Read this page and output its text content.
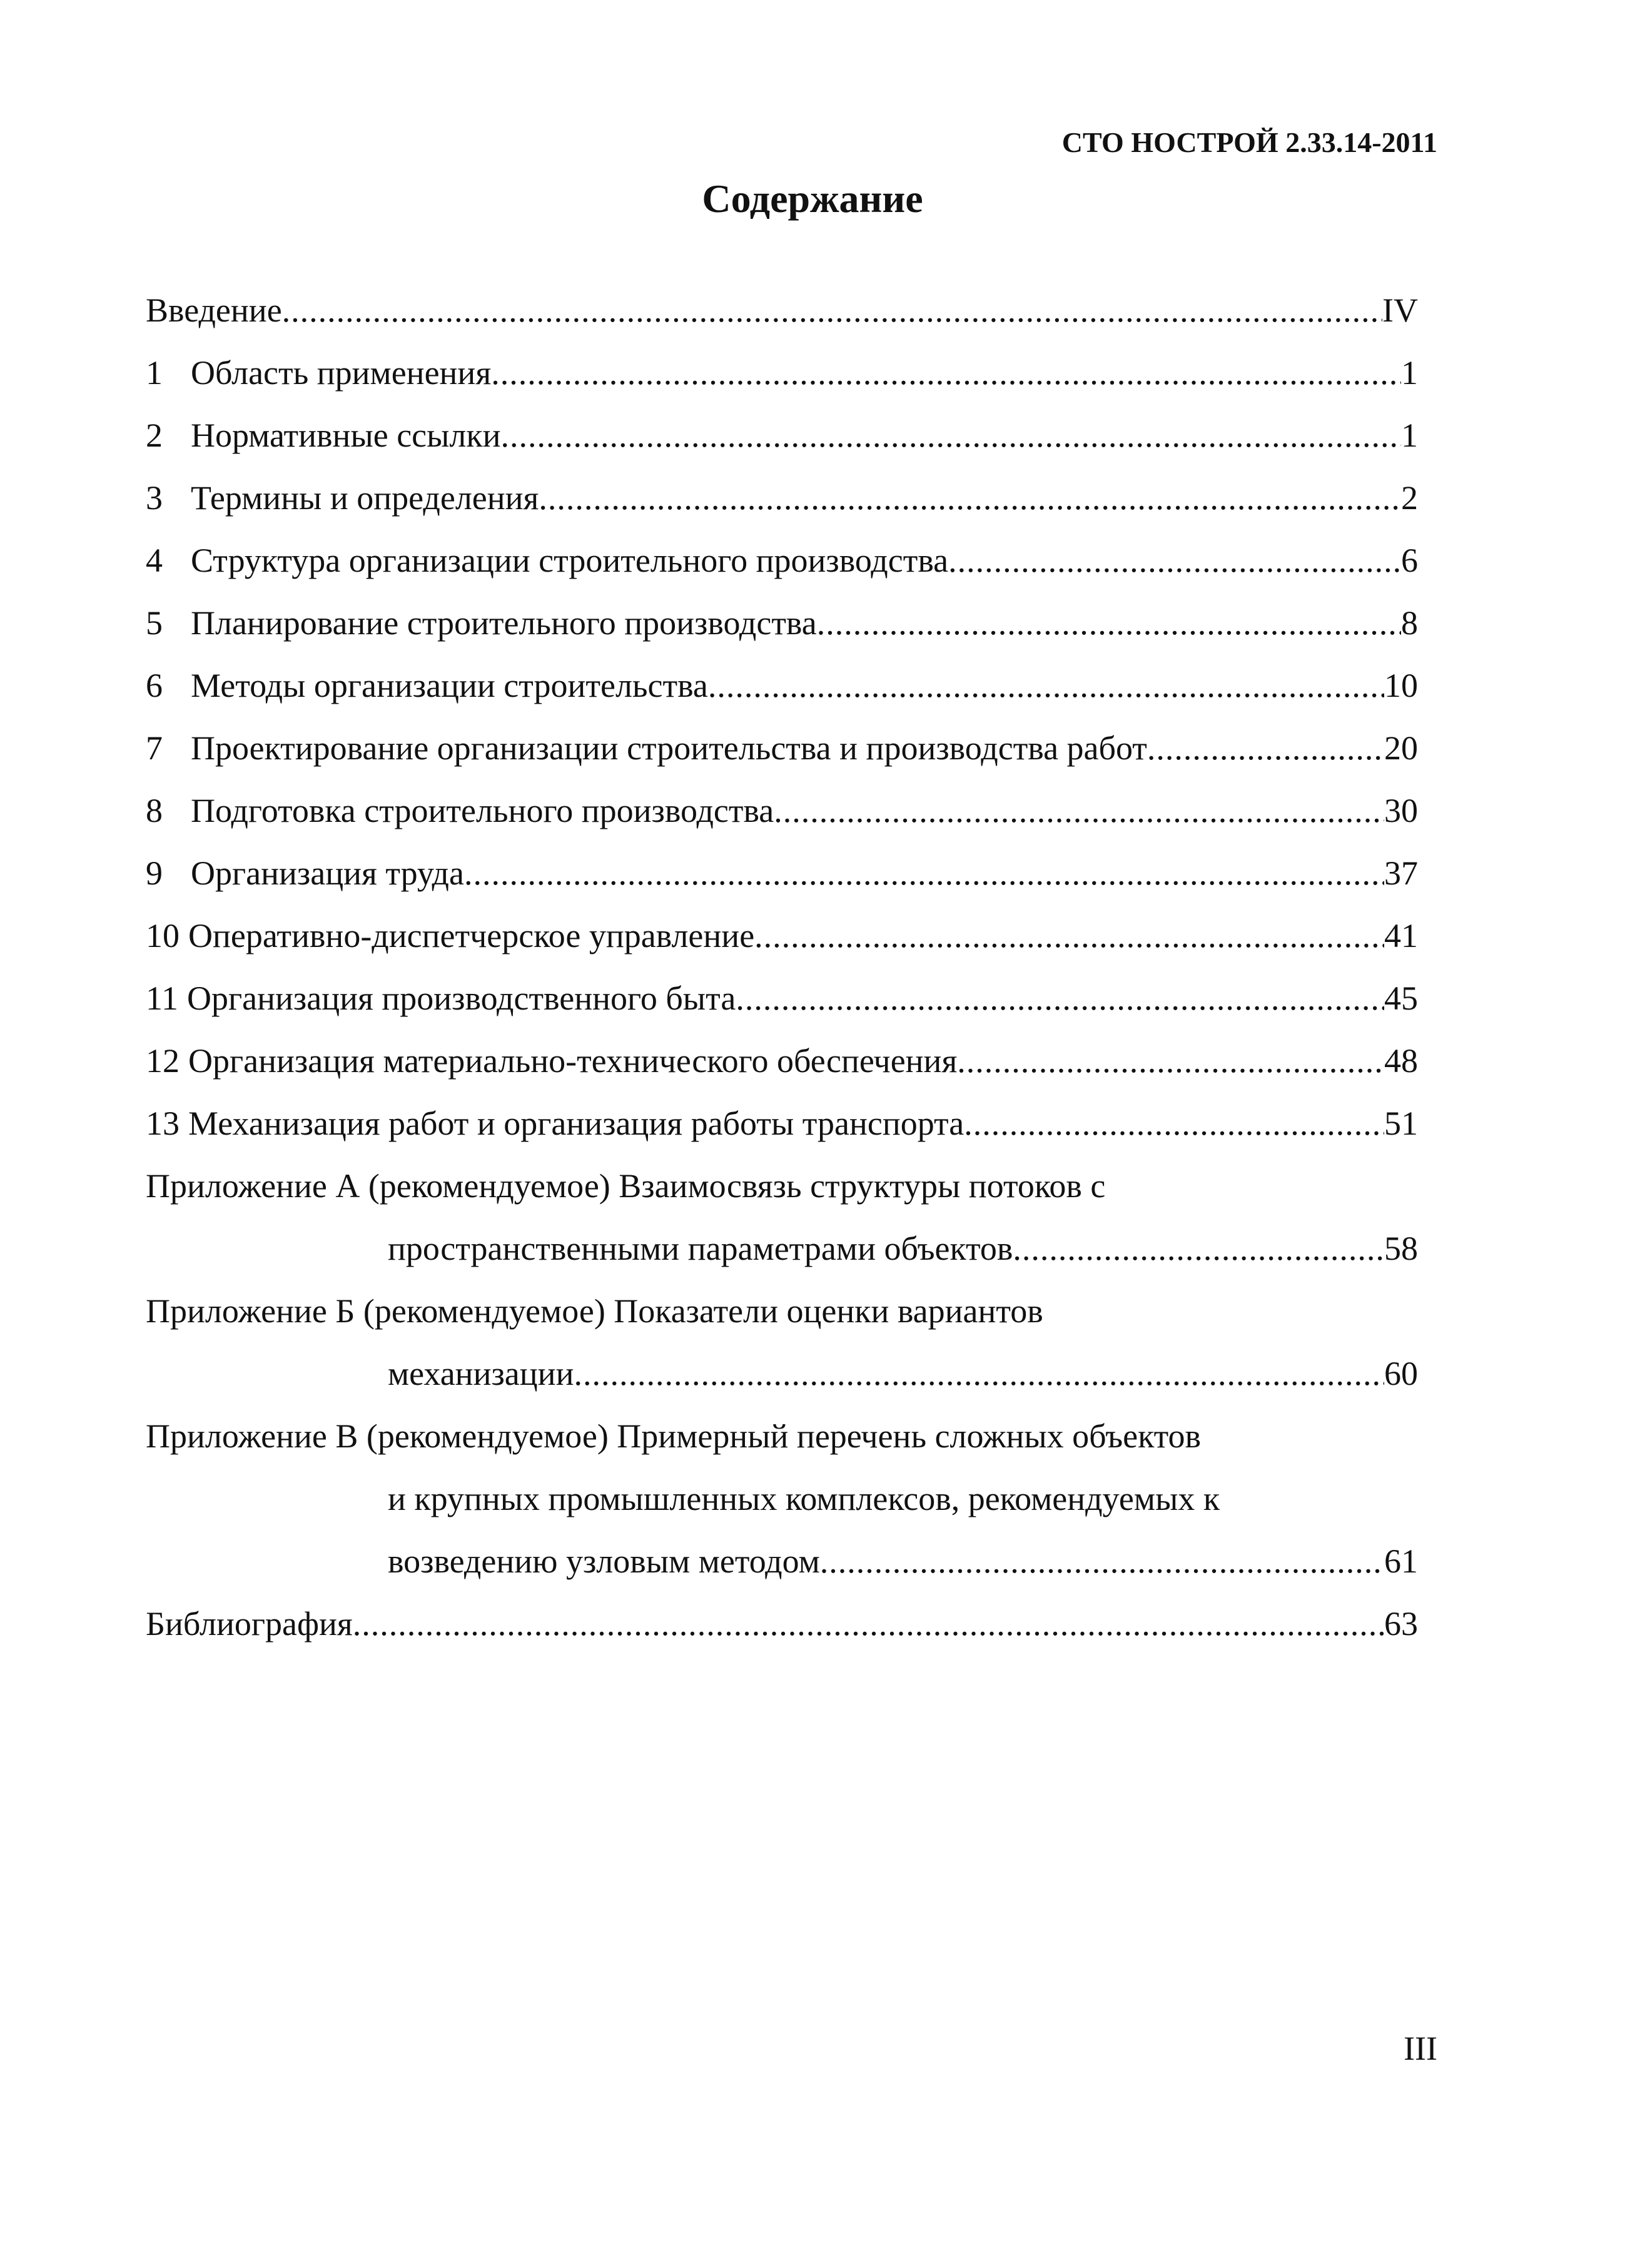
СТО НОСТРОЙ 2.33.14-2011
Содержание
Введение .....	IV
1 Область применения .....	1
2 Нормативные ссылки .....	1
3 Термины и определения .....	2
4 Структура организации строительного производства .....	6
5 Планирование строительного производства .....	8
6 Методы организации строительства .....	10
7 Проектирование организации строительства и производства работ .....	20
8 Подготовка строительного производства .....	30
9 Организация труда .....	37
10 Оперативно-диспетчерское управление .....	41
11 Организация производственного быта .....	45
12 Организация материально-технического обеспечения .....	48
13 Механизация работ и организация работы транспорта .....	51
Приложение А (рекомендуемое) Взаимосвязь структуры потоков с
пространственными параметрами объектов .....	58
Приложение Б (рекомендуемое) Показатели оценки вариантов
механизации .....	60
Приложение В (рекомендуемое) Примерный перечень сложных объектов
и крупных промышленных комплексов, рекомендуемых к
возведению узловым методом .....	61
Библиография .....	63
III
